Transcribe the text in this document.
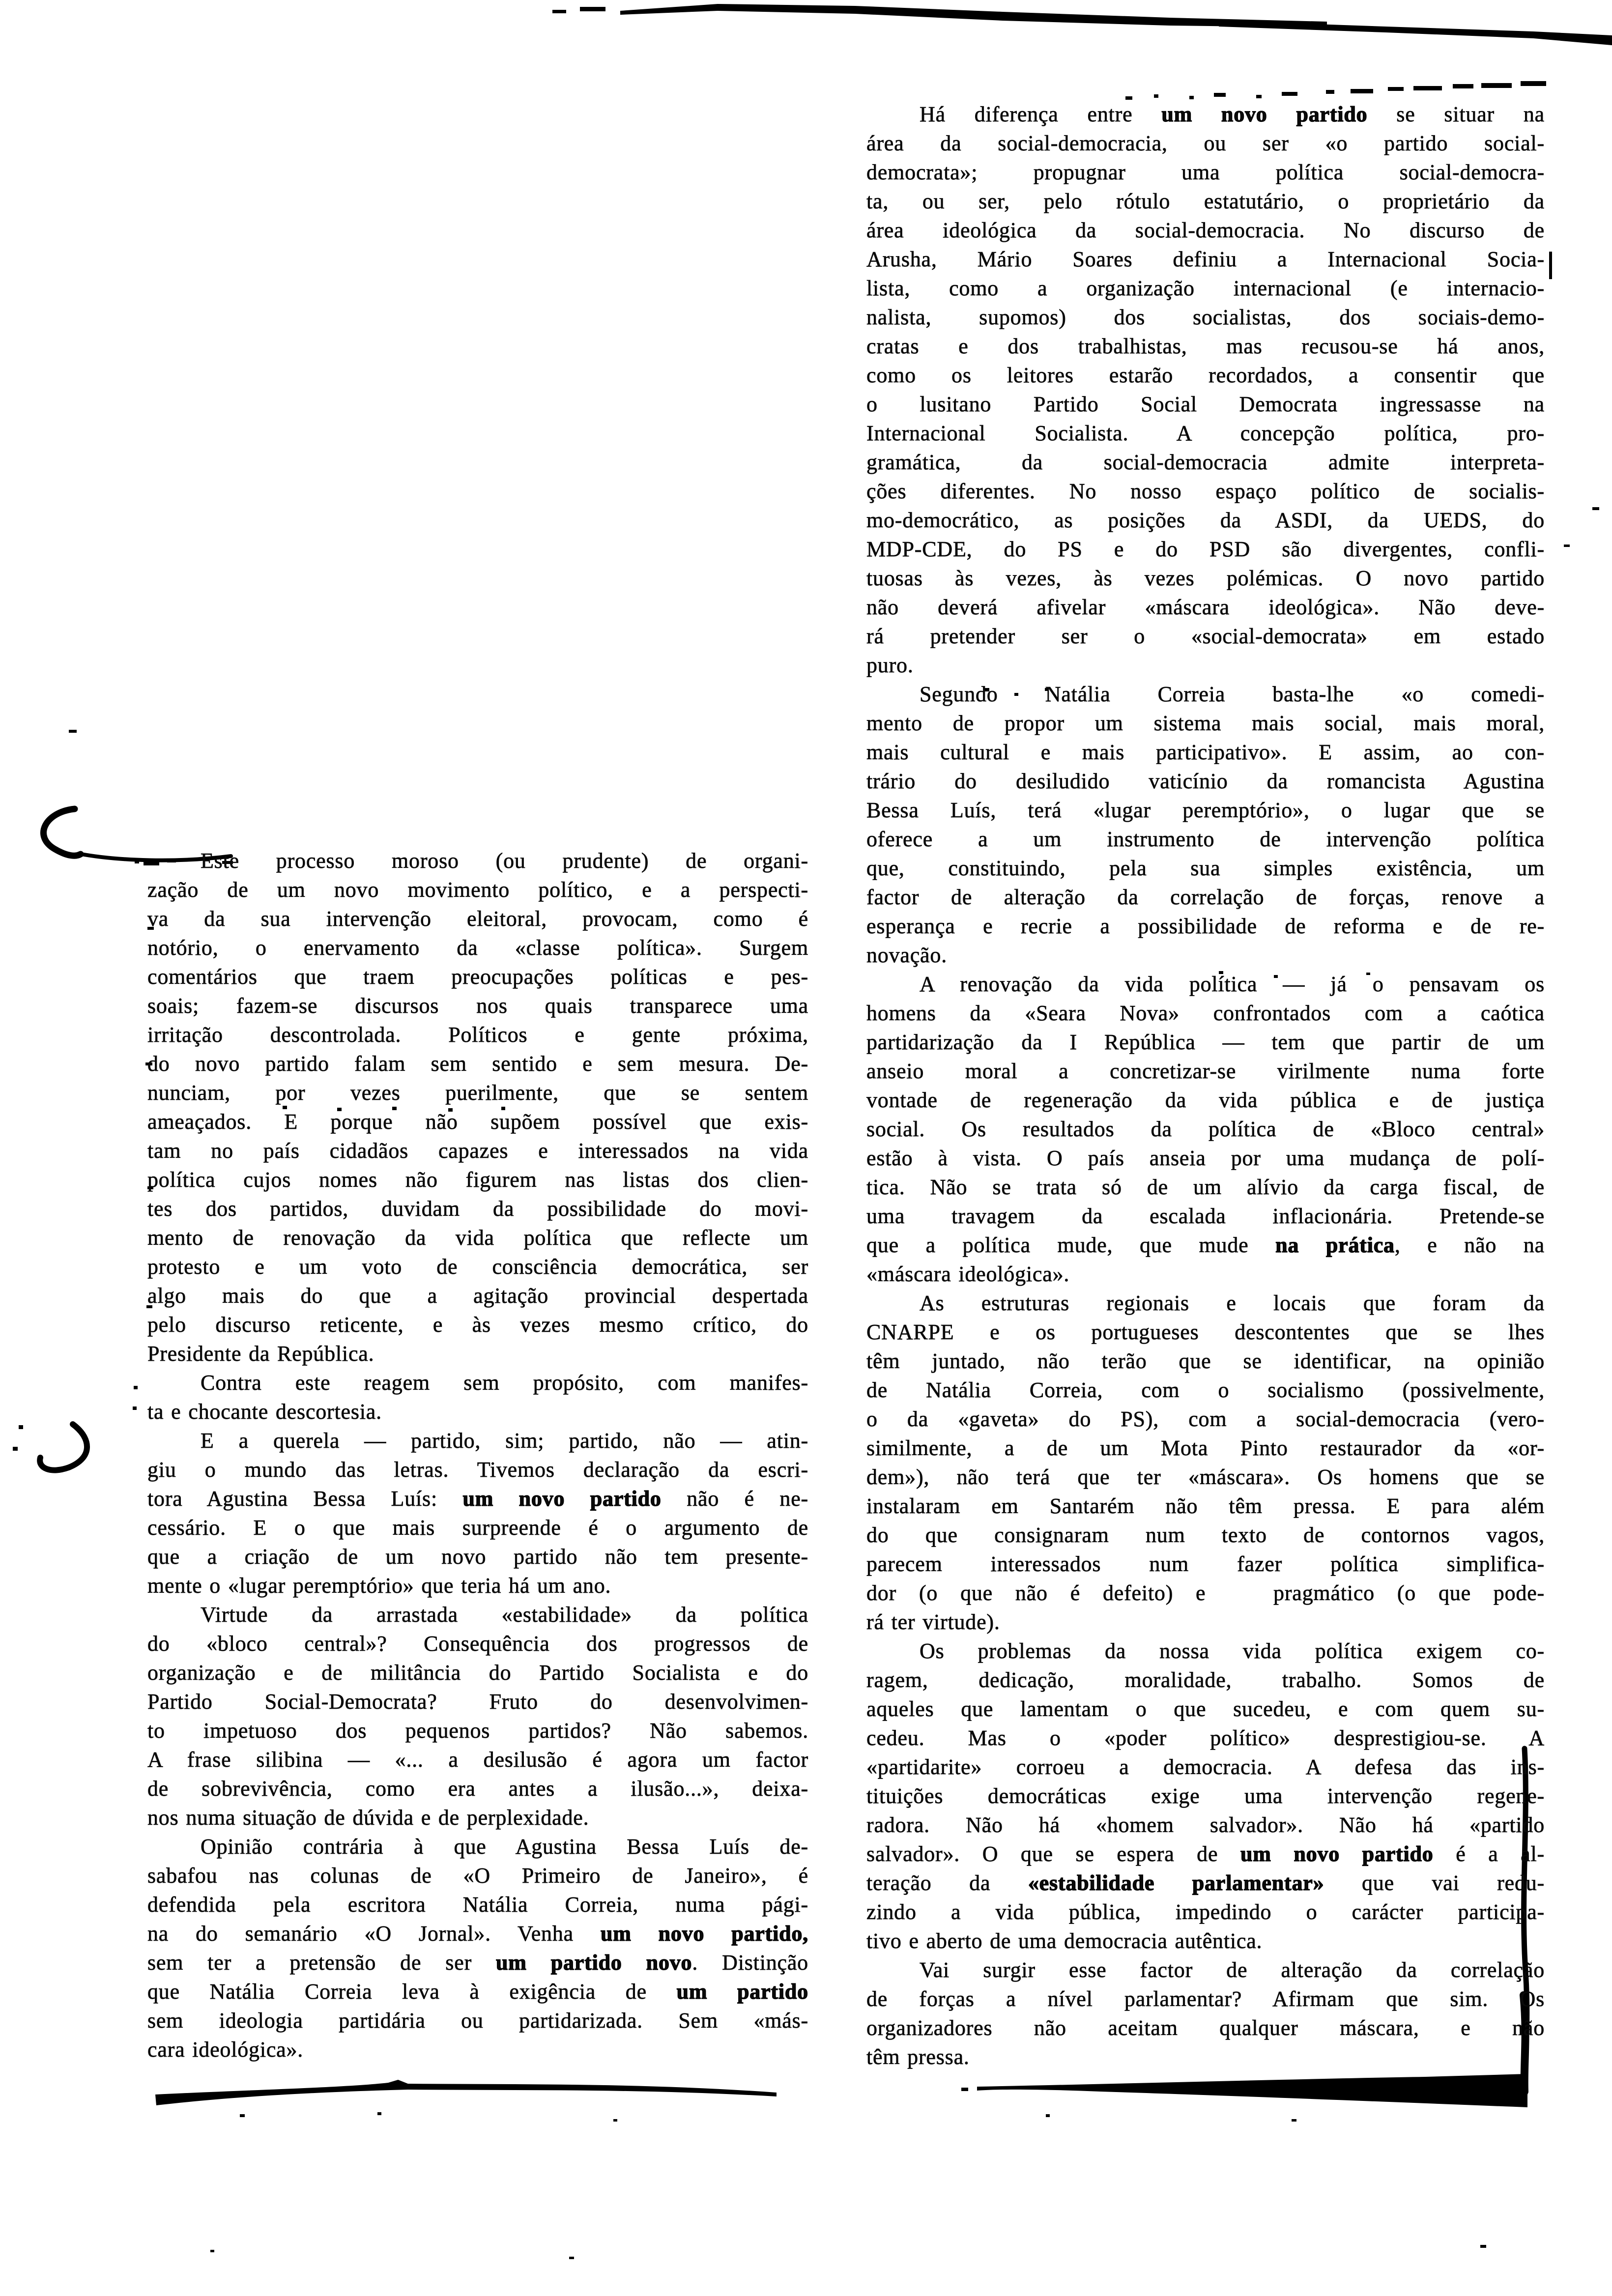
Este processo moroso (ou prudente) de organi-
zação de um novo movimento político, e a perspecti-
va da sua intervenção eleitoral, provocam, como é
notório, o enervamento da «classe política». Surgem
comentários que traem preocupações políticas e pes-
soais; fazem-se discursos nos quais transparece uma
irritação descontrolada. Políticos e gente próxima,
do novo partido falam sem sentido e sem mesura. De-
nunciam, por vezes puerilmente, que se sentem
ameaçados. E porque não supõem possível que exis-
tam no país cidadãos capazes e interessados na vida
política cujos nomes não figurem nas listas dos clien-
tes dos partidos, duvidam da possibilidade do movi-
mento de renovação da vida política que reflecte um
protesto e um voto de consciência democrática, ser
algo mais do que a agitação provincial despertada
pelo discurso reticente, e às vezes mesmo crítico, do
Presidente da República.
Contra este reagem sem propósito, com manifes-
ta e chocante descortesia.
E a querela — partido, sim; partido, não — atin-
giu o mundo das letras. Tivemos declaração da escri-
tora Agustina Bessa Luís: um novo partido não é ne-
cessário. E o que mais surpreende é o argumento de
que a criação de um novo partido não tem presente-
mente o «lugar peremptório» que teria há um ano.
Virtude da arrastada «estabilidade» da política
do «bloco central»? Consequência dos progressos de
organização e de militância do Partido Socialista e do
Partido Social-Democrata? Fruto do desenvolvimen-
to impetuoso dos pequenos partidos? Não sabemos.
A frase silibina — «... a desilusão é agora um factor
de sobrevivência, como era antes a ilusão...», deixa-
nos numa situação de dúvida e de perplexidade.
Opinião contrária à que Agustina Bessa Luís de-
sabafou nas colunas de «O Primeiro de Janeiro», é
defendida pela escritora Natália Correia, numa pági-
na do semanário «O Jornal». Venha um novo partido,
sem ter a pretensão de ser um partido novo. Distinção
que Natália Correia leva à exigência de um partido
sem ideologia partidária ou partidarizada. Sem «más-
cara ideológica».
Há diferença entre um novo partido se situar na
área da social-democracia, ou ser «o partido social-
democrata»; propugnar uma política social-democra-
ta, ou ser, pelo rótulo estatutário, o proprietário da
área ideológica da social-democracia. No discurso de
Arusha, Mário Soares definiu a Internacional Socia-
lista, como a organização internacional (e internacio-
nalista, supomos) dos socialistas, dos sociais-demo-
cratas e dos trabalhistas, mas recusou-se há anos,
como os leitores estarão recordados, a consentir que
o lusitano Partido Social Democrata ingressasse na
Internacional Socialista. A concepção política, pro-
gramática, da social-democracia admite interpreta-
ções diferentes. No nosso espaço político de socialis-
mo-democrático, as posições da ASDI, da UEDS, do
MDP-CDE, do PS e do PSD são divergentes, confli-
tuosas às vezes, às vezes polémicas. O novo partido
não deverá afivelar «máscara ideológica». Não deve-
rá pretender ser o «social-democrata» em estado
puro.
Segundo Natália Correia basta-lhe «o comedi-
mento de propor um sistema mais social, mais moral,
mais cultural e mais participativo». E assim, ao con-
trário do desiludido vaticínio da romancista Agustina
Bessa Luís, terá «lugar peremptório», o lugar que se
oferece a um instrumento de intervenção política
que, constituindo, pela sua simples existência, um
factor de alteração da correlação de forças, renove a
esperança e recrie a possibilidade de reforma e de re-
novação.
A renovação da vida política — já o pensavam os
homens da «Seara Nova» confrontados com a caótica
partidarização da I República — tem que partir de um
anseio moral a concretizar-se virilmente numa forte
vontade de regeneração da vida pública e de justiça
social. Os resultados da política de «Bloco central»
estão à vista. O país anseia por uma mudança de polí-
tica. Não se trata só de um alívio da carga fiscal, de
uma travagem da escalada inflacionária. Pretende-se
que a política mude, que mude na prática, e não na
«máscara ideológica».
As estruturas regionais e locais que foram da
CNARPE e os portugueses descontentes que se lhes
têm juntado, não terão que se identificar, na opinião
de Natália Correia, com o socialismo (possivelmente,
o da «gaveta» do PS), com a social-democracia (vero-
similmente, a de um Mota Pinto restaurador da «or-
dem»), não terá que ter «máscara». Os homens que se
instalaram em Santarém não têm pressa. E para além
do que consignaram num texto de contornos vagos,
parecem interessados num fazer política simplifica-
dor (o que não é defeito) e   pragmático (o que pode-
rá ter virtude).
Os problemas da nossa vida política exigem co-
ragem, dedicação, moralidade, trabalho. Somos de
aqueles que lamentam o que sucedeu, e com quem su-
cedeu. Mas o «poder político» desprestigiou-se. A
«partidarite» corroeu a democracia. A defesa das ins-
tituições democráticas exige uma intervenção regene-
radora. Não há «homem salvador». Não há «partido
salvador». O que se espera de um novo partido é a al-
teração da «estabilidade parlamentar» que vai redu-
zindo a vida pública, impedindo o carácter participa-
tivo e aberto de uma democracia autêntica.
Vai surgir esse factor de alteração da correlação
de forças a nível parlamentar? Afirmam que sim. Os
organizadores não aceitam qualquer máscara, e não
têm pressa.
